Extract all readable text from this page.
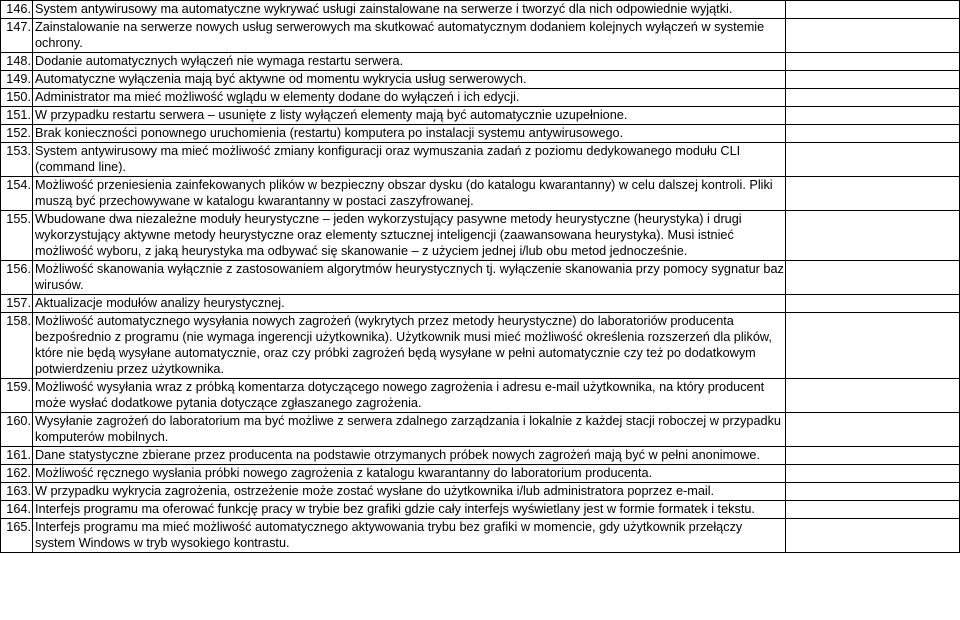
146.	System antywirusowy ma automatyczne wykrywać usługi zainstalowane na serwerze i tworzyć dla nich odpowiednie wyjątki.	
147.	Zainstalowanie na serwerze nowych usług serwerowych ma skutkować automatycznym dodaniem kolejnych wyłączeń w systemie ochrony.	
148.	Dodanie automatycznych wyłączeń nie wymaga restartu serwera.	
149.	Automatyczne wyłączenia mają być aktywne od momentu wykrycia usług serwerowych.	
150.	Administrator ma mieć możliwość wglądu w elementy dodane do wyłączeń i ich edycji.	
151.	W przypadku restartu serwera – usunięte z listy wyłączeń elementy mają być automatycznie uzupełnione.	
152.	Brak konieczności ponownego uruchomienia (restartu) komputera po instalacji systemu antywirusowego.	
153.	System antywirusowy ma mieć możliwość zmiany konfiguracji oraz wymuszania zadań z poziomu dedykowanego modułu CLI (command line).	
154.	Możliwość przeniesienia zainfekowanych plików w bezpieczny obszar dysku (do katalogu kwarantanny) w celu dalszej kontroli. Pliki muszą być przechowywane w katalogu kwarantanny w postaci zaszyfrowanej.	
155.	Wbudowane dwa niezależne moduły heurystyczne – jeden wykorzystujący pasywne metody heurystyczne (heurystyka) i drugi wykorzystujący aktywne metody heurystyczne oraz elementy sztucznej inteligencji (zaawansowana heurystyka). Musi istnieć możliwość wyboru, z jaką heurystyka ma odbywać się skanowanie – z użyciem jednej i/lub obu metod jednocześnie.	
156.	Możliwość skanowania wyłącznie z zastosowaniem algorytmów heurystycznych tj. wyłączenie skanowania przy pomocy sygnatur baz wirusów.	
157.	Aktualizacje modułów analizy heurystycznej.	
158.	Możliwość automatycznego wysyłania nowych zagrożeń (wykrytych przez metody heurystyczne) do laboratoriów producenta bezpośrednio z programu (nie wymaga ingerencji użytkownika). Użytkownik musi mieć możliwość określenia rozszerzeń dla plików, które nie będą wysyłane automatycznie, oraz czy próbki zagrożeń będą wysyłane w pełni automatycznie czy też po dodatkowym potwierdzeniu przez użytkownika.	
159.	Możliwość wysyłania wraz z próbką komentarza dotyczącego nowego zagrożenia i adresu e-mail użytkownika, na który producent może wysłać dodatkowe pytania dotyczące zgłaszanego zagrożenia.	
160.	Wysyłanie zagrożeń do laboratorium ma być możliwe z serwera zdalnego zarządzania i lokalnie z każdej stacji roboczej w przypadku komputerów mobilnych.	
161.	Dane statystyczne zbierane przez producenta na podstawie otrzymanych próbek nowych zagrożeń mają być w pełni anonimowe.	
162.	Możliwość ręcznego wysłania próbki nowego zagrożenia z katalogu kwarantanny do laboratorium producenta.	
163.	W przypadku wykrycia zagrożenia, ostrzeżenie może zostać wysłane do użytkownika i/lub administratora poprzez e-mail.	
164.	Interfejs programu ma oferować funkcję pracy w trybie bez grafiki gdzie cały interfejs wyświetlany jest w formie formatek i tekstu.	
165.	Interfejs programu ma mieć możliwość automatycznego aktywowania trybu bez grafiki w momencie, gdy użytkownik przełączy system Windows w tryb wysokiego kontrastu.	
